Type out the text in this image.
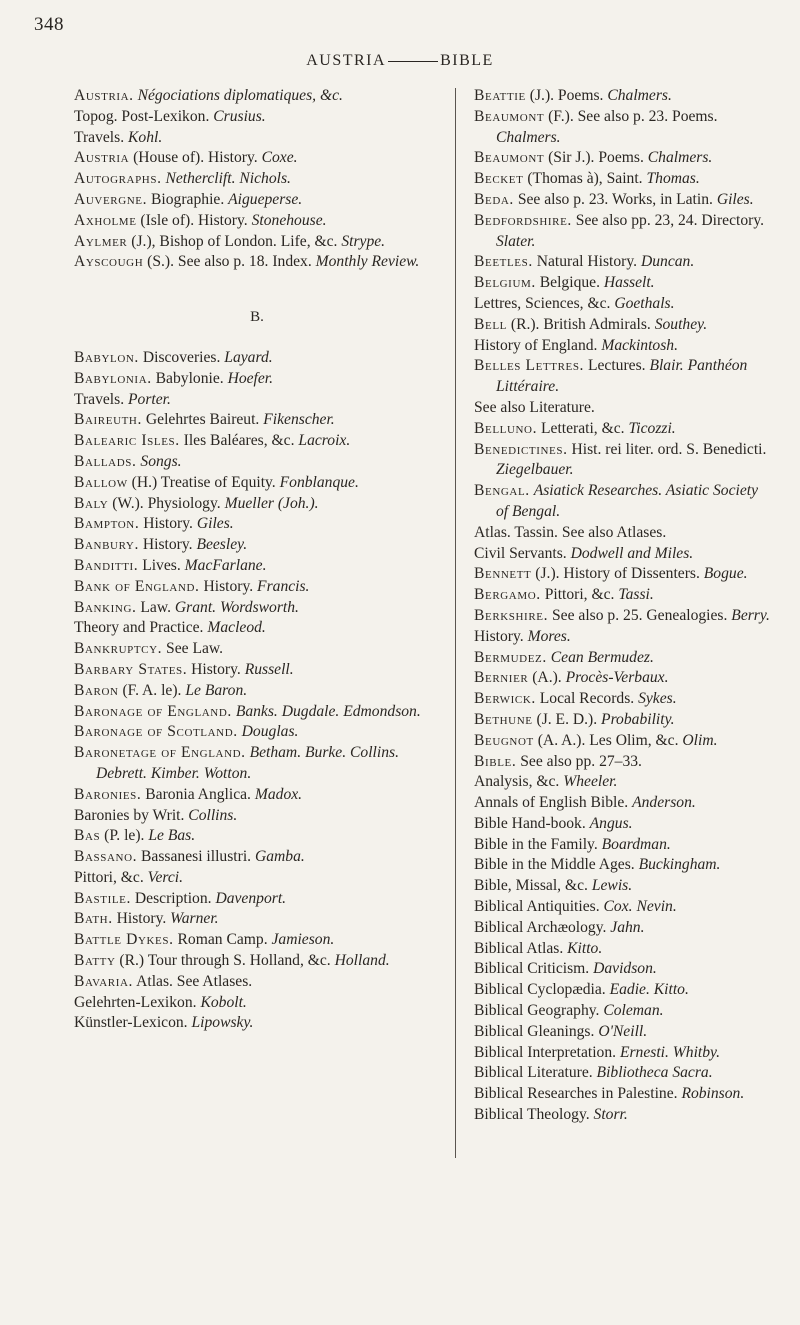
348
AUSTRIA	BIBLE

Austria. Négociations diplomatiques, &c.

Topog. Post-Lexikon. Crusius.

Travels. Kohl.

Austria (House of). History. Coxe.

Autographs. Netherclift. Nichols.

Auvergne. Biographie. Aigueperse.

Axholme (Isle of). History. Stonehouse.

Aylmer (J.), Bishop of London. Life, &c. Strype.

Ayscough (S.). See also p. 18. Index. Monthly Review.

B.

Babylon. Discoveries. Layard.

Babylonia. Babylonie. Hoefer.

Travels. Porter.

Baireuth. Gelehrtes Baireut. Fikenscher.

Balearic Isles. Iles Baléares, &c. Lacroix.

Ballads. Songs.

Ballow (H.) Treatise of Equity. Fonblanque.

Baly (W.). Physiology. Mueller (Joh.).

Bampton. History. Giles.

Banbury. History. Beesley.

Banditti. Lives. MacFarlane.

Bank of England. History. Francis.

Banking. Law. Grant. Wordsworth.

Theory and Practice. Macleod.

Bankruptcy. See Law.

Barbary States. History. Russell.

Baron (F. A. le). Le Baron.

Baronage of England. Banks. Dugdale. Edmondson.

Baronage of Scotland. Douglas.

Baronetage of England. Betham. Burke. Collins. Debrett. Kimber. Wotton.

Baronies. Baronia Anglica. Madox.

Baronies by Writ. Collins.

Bas (P. le). Le Bas.

Bassano. Bassanesi illustri. Gamba.

Pittori, &c. Verci.

Bastile. Description. Davenport.

Bath. History. Warner.

Battle Dykes. Roman Camp. Jamieson.

Batty (R.) Tour through S. Holland, &c. Holland.

Bavaria. Atlas. See Atlases.

Gelehrten-Lexikon. Kobolt.

Künstler-Lexicon. Lipowsky.

Beattie (J.). Poems. Chalmers.

Beaumont (F.). See also p. 23. Poems. Chalmers.

Beaumont (Sir J.). Poems. Chalmers.

Becket (Thomas à), Saint. Thomas.

Beda. See also p. 23. Works, in Latin. Giles.

Bedfordshire. See also pp. 23, 24. Directory. Slater.

Beetles. Natural History. Duncan.

Belgium. Belgique. Hasselt.

Lettres, Sciences, &c. Goethals.

Bell (R.). British Admirals. Southey.

History of England. Mackintosh.

Belles Lettres. Lectures. Blair. Panthéon Littéraire.

See also Literature.

Belluno. Letterati, &c. Ticozzi.

Benedictines. Hist. rei liter. ord. S. Benedicti. Ziegelbauer.

Bengal. Asiatick Researches. Asiatic Society of Bengal.

Atlas. Tassin. See also Atlases.

Civil Servants. Dodwell and Miles.

Bennett (J.). History of Dissenters. Bogue.

Bergamo. Pittori, &c. Tassi.

Berkshire. See also p. 25. Genealogies. Berry.

History. Mores.

Bermudez. Cean Bermudez.

Bernier (A.). Procès-Verbaux.

Berwick. Local Records. Sykes.

Bethune (J. E. D.). Probability.

Beugnot (A. A.). Les Olim, &c. Olim.

Bible. See also pp. 27–33.

Analysis, &c. Wheeler.

Annals of English Bible. Anderson.

Bible Hand-book. Angus.

Bible in the Family. Boardman.

Bible in the Middle Ages. Buckingham.

Bible, Missal, &c. Lewis.

Biblical Antiquities. Cox. Nevin.

Biblical Archæology. Jahn.

Biblical Atlas. Kitto.

Biblical Criticism. Davidson.

Biblical Cyclopædia. Eadie. Kitto.

Biblical Geography. Coleman.

Biblical Gleanings. O'Neill.

Biblical Interpretation. Ernesti. Whitby.

Biblical Literature. Bibliotheca Sacra.

Biblical Researches in Palestine. Robinson.

Biblical Theology. Storr.
